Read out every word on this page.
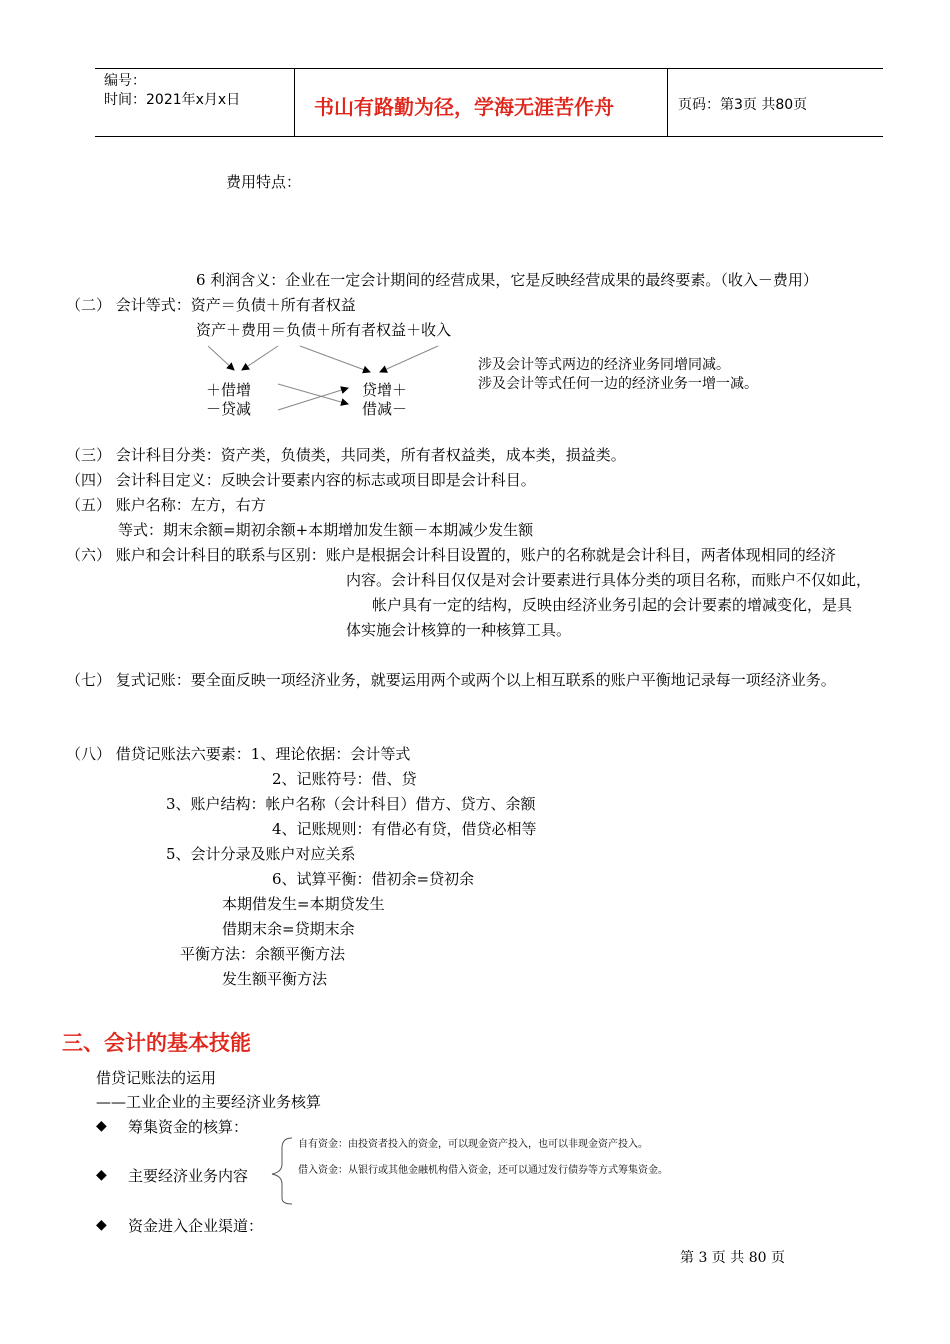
编号：
时间：2021年x月x日	书山有路勤为径，学海无涯苦作舟	页码：第3页 共80页
费用特点：
6 利润含义：企业在一定会计期间的经营成果，它是反映经营成果的最终要素。（收入－费用）
（二） 会计等式：资产＝负债＋所有者权益
资产＋费用＝负债＋所有者权益＋收入
＋借增
－贷减
贷增＋
借减－
涉及会计等式两边的经济业务同增同减。
涉及会计等式任何一边的经济业务一增一减。
（三） 会计科目分类：资产类，负债类，共同类，所有者权益类，成本类，损益类。
（四） 会计科目定义：反映会计要素内容的标志或项目即是会计科目。
（五） 账户名称：左方，右方
等式：期末余额=期初余额+本期增加发生额－本期减少发生额
（六） 账户和会计科目的联系与区别：账户是根据会计科目设置的，账户的名称就是会计科目，两者体现相同的经济
内容。会计科目仅仅是对会计要素进行具体分类的项目名称，而账户不仅如此，
帐户具有一定的结构，反映由经济业务引起的会计要素的增减变化，是具
体实施会计核算的一种核算工具。
（七） 复式记账：要全面反映一项经济业务，就要运用两个或两个以上相互联系的账户平衡地记录每一项经济业务。
（八） 借贷记账法六要素：1、理论依据：会计等式
2、记账符号：借、贷
3、账户结构：帐户名称（会计科目）借方、贷方、余额
4、记账规则：有借必有贷，借贷必相等
5、会计分录及账户对应关系
6、试算平衡：借初余=贷初余
本期借发生=本期贷发生
借期末余=贷期末余
平衡方法：余额平衡方法
发生额平衡方法
三、会计的基本技能
借贷记账法的运用
——工业企业的主要经济业务核算
◆ 筹集资金的核算：
◆ 主要经济业务内容
自有资金：由投资者投入的资金，可以现金资产投入，也可以非现金资产投入。
借入资金：从银行或其他金融机构借入资金，还可以通过发行债券等方式筹集资金。
◆ 资金进入企业渠道：
第 3 页 共 80 页
